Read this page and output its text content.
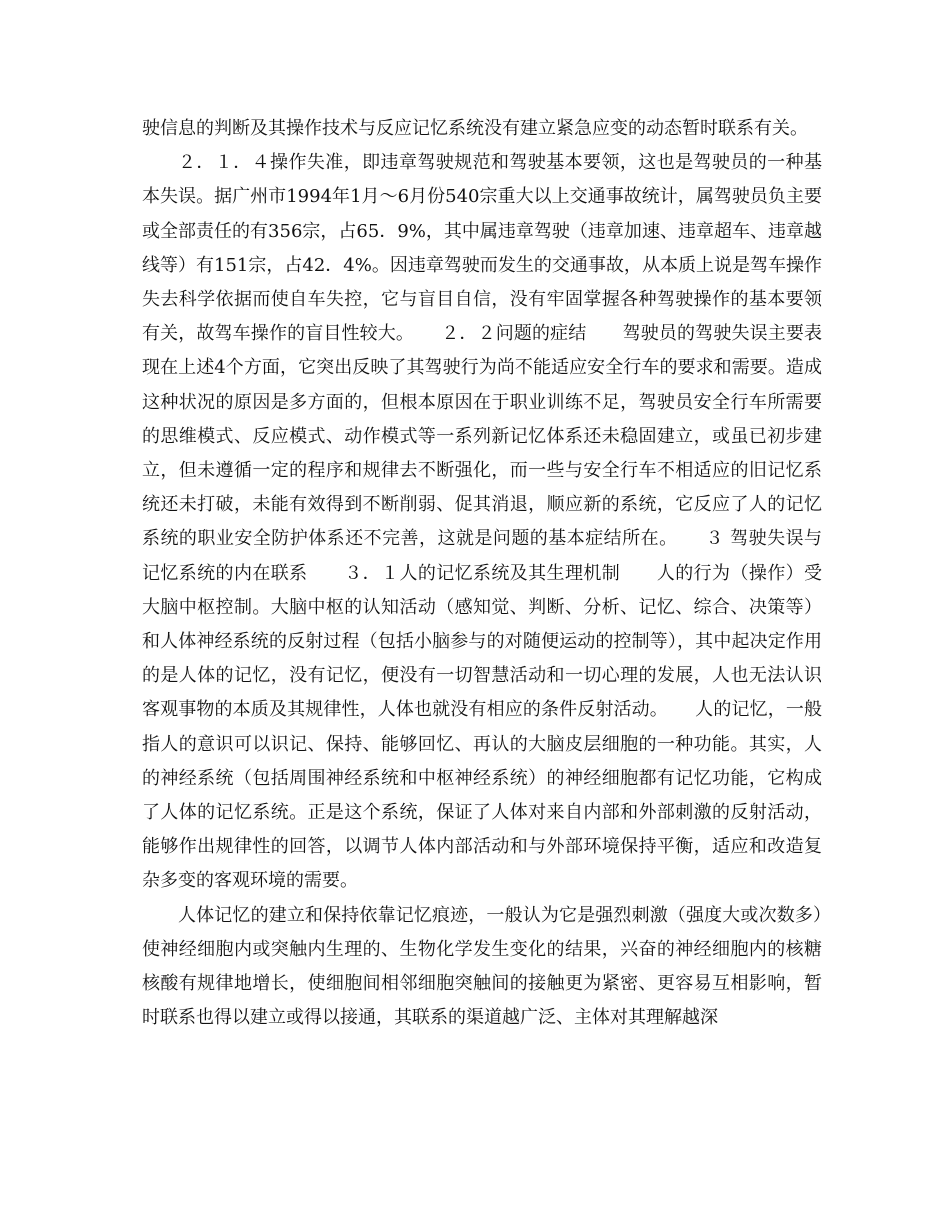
驶信息的判断及其操作技术与反应记忆系统没有建立紧急应变的动态暂时联系有关。

２．１．４操作失准，即违章驾驶规范和驾驶基本要领，这也是驾驶员的一种基本失误。据广州市1994年1月～6月份540宗重大以上交通事故统计，属驾驶员负主要或全部责任的有356宗，占65．9%，其中属违章驾驶（违章加速、违章超车、违章越线等）有151宗，占42．4%。因违章驾驶而发生的交通事故，从本质上说是驾车操作失去科学依据而使自车失控，它与盲目自信，没有牢固掌握各种驾驶操作的基本要领有关，故驾车操作的盲目性较大。　　２．２问题的症结　　驾驶员的驾驶失误主要表现在上述4个方面，它突出反映了其驾驶行为尚不能适应安全行车的要求和需要。造成这种状况的原因是多方面的，但根本原因在于职业训练不足，驾驶员安全行车所需要的思维模式、反应模式、动作模式等一系列新记忆体系还未稳固建立，或虽已初步建立，但未遵循一定的程序和规律去不断强化，而一些与安全行车不相适应的旧记忆系统还未打破，未能有效得到不断削弱、促其消退，顺应新的系统，它反应了人的记忆系统的职业安全防护体系还不完善，这就是问题的基本症结所在。　　３ 驾驶失误与记忆系统的内在联系　　３．１人的记忆系统及其生理机制　　人的行为（操作）受大脑中枢控制。大脑中枢的认知活动（感知觉、判断、分析、记忆、综合、决策等）和人体神经系统的反射过程（包括小脑参与的对随便运动的控制等），其中起决定作用的是人体的记忆，没有记忆，便没有一切智慧活动和一切心理的发展，人也无法认识客观事物的本质及其规律性，人体也就没有相应的条件反射活动。　　人的记忆，一般指人的意识可以识记、保持、能够回忆、再认的大脑皮层细胞的一种功能。其实，人的神经系统（包括周围神经系统和中枢神经系统）的神经细胞都有记忆功能，它构成了人体的记忆系统。正是这个系统，保证了人体对来自内部和外部刺激的反射活动，能够作出规律性的回答，以调节人体内部活动和与外部环境保持平衡，适应和改造复杂多变的客观环境的需要。

人体记忆的建立和保持依靠记忆痕迹，一般认为它是强烈刺激（强度大或次数多）使神经细胞内或突触内生理的、生物化学发生变化的结果，兴奋的神经细胞内的核糖核酸有规律地增长，使细胞间相邻细胞突触间的接触更为紧密、更容易互相影响，暂时联系也得以建立或得以接通，其联系的渠道越广泛、主体对其理解越深
